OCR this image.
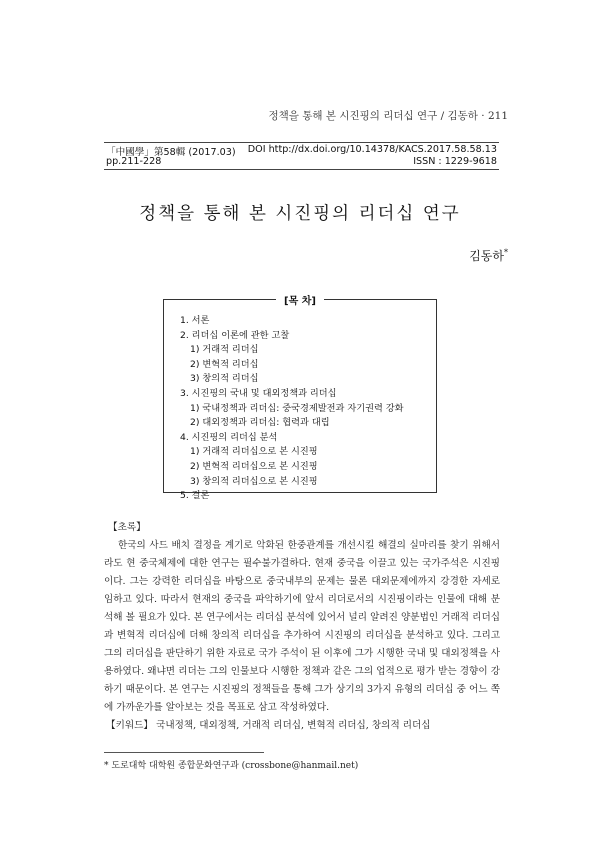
정책을 통해 본 시진핑의 리더십 연구 / 김동하 · 211
「中國學」第58輯 (2017.03) DOI http://dx.doi.org/10.14378/KACS.2017.58.58.13
pp.211-228	ISSN : 1229-9618
정책을 통해 본 시진핑의 리더십 연구
김동하*
[목 차]
1. 서론
2. 리더십 이론에 관한 고찰
1) 거래적 리더십
2) 변혁적 리더십
3) 창의적 리더십
3. 시진핑의 국내 및 대외정책과 리더십
1) 국내정책과 리더십: 중국경제발전과 자기권력 강화
2) 대외정책과 리더십: 협력과 대립
4. 시진핑의 리더십 분석
1) 거래적 리더십으로 본 시진핑
2) 변혁적 리더십으로 본 시진핑
3) 창의적 리더십으로 본 시진핑
5. 결론
【초록】

한국의 사드 배치 결정을 계기로 악화된 한중관계를 개선시킬 해결의 실마리를 찾기 위해서라도 현 중국체제에 대한 연구는 필수불가결하다. 현재 중국을 이끌고 있는 국가주석은 시진핑이다. 그는 강력한 리더십을 바탕으로 중국내부의 문제는 물론 대외문제에까지 강경한 자세로 임하고 있다. 따라서 현재의 중국을 파악하기에 앞서 리더로서의 시진핑이라는 인물에 대해 분석해 볼 필요가 있다. 본 연구에서는 리더십 분석에 있어서 널리 알려진 양분법인 거래적 리더십과 변혁적 리더십에 더해 창의적 리더십을 추가하여 시진핑의 리더십을 분석하고 있다. 그리고 그의 리더십을 판단하기 위한 자료로 국가 주석이 된 이후에 그가 시행한 국내 및 대외정책을 사용하였다. 왜냐면 리더는 그의 인물보다 시행한 정책과 같은 그의 업적으로 평가 받는 경향이 강하기 때문이다. 본 연구는 시진핑의 정책들을 통해 그가 상기의 3가지 유형의 리더십 중 어느 쪽에 가까운가를 알아보는 것을 목표로 삼고 작성하였다.

【키워드】 국내정책, 대외정책, 거래적 리더십, 변혁적 리더십, 창의적 리더십
* 도로대학 대학원 종합문화연구과 (crossbone@hanmail.net)
